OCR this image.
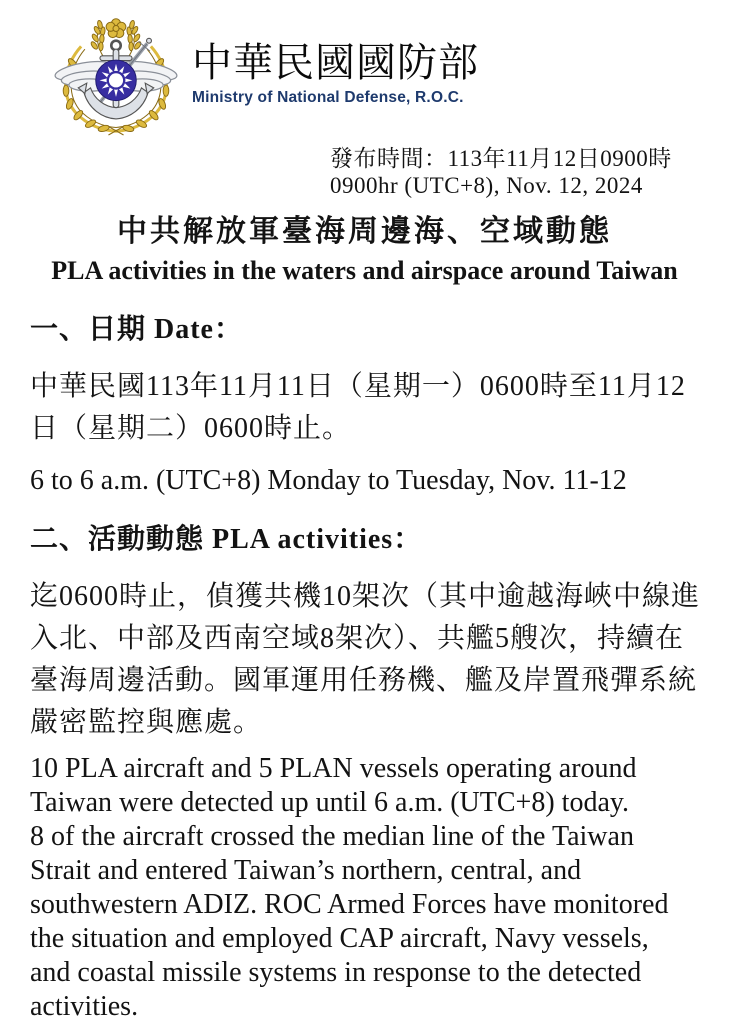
中華民國國防部
Ministry of National Defense, R.O.C.
發布時間：113年11月12日0900時
0900hr (UTC+8), Nov. 12, 2024
中共解放軍臺海周邊海、空域動態
PLA activities in the waters and airspace around Taiwan
一、日期 Date：
中華民國113年11月11日（星期一）0600時至11月12
日（星期二）0600時止。
6 to 6 a.m. (UTC+8) Monday to Tuesday, Nov. 11-12
二、活動動態 PLA activities：
迄0600時止，偵獲共機10架次（其中逾越海峽中線進
入北、中部及西南空域8架次）、共艦5艘次，持續在
臺海周邊活動。國軍運用任務機、艦及岸置飛彈系統
嚴密監控與應處。
10 PLA aircraft and 5 PLAN vessels operating around
Taiwan were detected up until 6 a.m. (UTC+8) today.
8 of the aircraft crossed the median line of the Taiwan
Strait and entered Taiwan’s northern, central, and
southwestern ADIZ. ROC Armed Forces have monitored
the situation and employed CAP aircraft, Navy vessels,
and coastal missile systems in response to the detected
activities.
